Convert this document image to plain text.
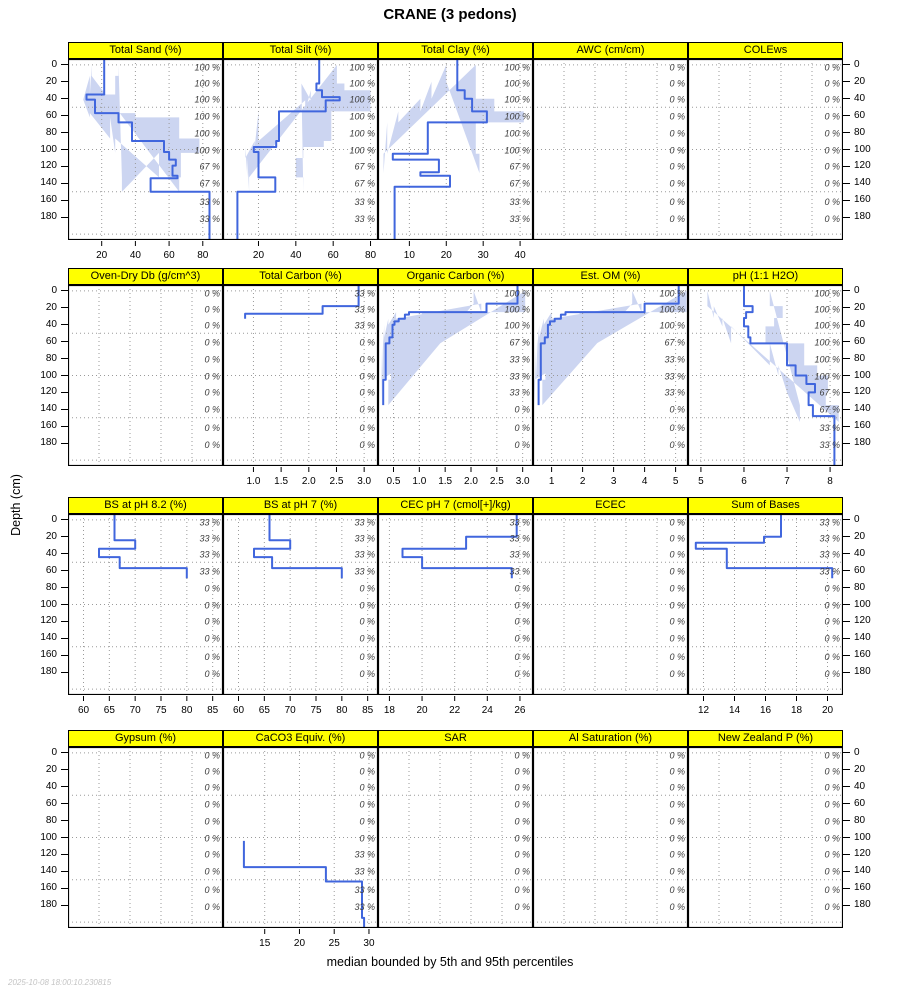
CRANE (3 pedons)
Depth (cm)
Total Sand (%)
100 %
100 %
100 %
100 %
100 %
100 %
67 %
67 %
33 %
33 %
20 40 60 80
Total Silt (%)
100 %
100 %
100 %
100 %
100 %
100 %
67 %
67 %
33 %
33 %
20	40	60	80
Total Clay (%)
100 %
100 %
100 %
100 %
100 %
100 %
67 %
67 %
33 %
33 %
10	20	30	40
AWC (cm/cm)
0 %
0 %
0 %
0 %
0 %
0 %
0 %
0 %
0 %
0 %
COLEws
0 %
0 %
0 %
0 %
0 %
0 %
0 %
0 %
0 %
0 %
Oven-Dry Db (g/cm^3)
0 %
0 %
0 %
0 %
0 %
0 %
0 %
0 %
0 %
0 %
Total Carbon (%)
33 %
33 %
33 %
0 %
0 %
0 %
0 %
0 %
0 %
0 %
1.0 1.5 2.0 2.5 3.0
Organic Carbon (%)
100 %
100 %
100 %
67 %
33 %
33 %
33 %
0 %
0 %
0 %
0.5 1.0 1.5 2.0 2.5 3.0
Est. OM (%)
100 %
100 %
100 %
67 %
33 %
33 %
33 %
0 %
0 %
0 %
1	2	3	4	5
pH (1:1 H2O)
100 %
100 %
100 %
100 %
100 %
100 %
67 %
67 %
33 %
33 %
5	6	7	8
BS at pH 8.2 (%)
33 %
33 %
33 %
33 %
0 %
0 %
0 %
0 %
0 %
0 %
60 65 70 75 80 85
BS at pH 7 (%)
33 %
33 %
33 %
33 %
0 %
0 %
0 %
0 %
0 %
0 %
60 65 70 75 80 85
CEC pH 7 (cmol[+]/kg)
33 %
33 %
33 %
33 %
0 %
0 %
0 %
0 %
0 %
0 %
18 20 22 24 26
ECEC
0 %
0 %
0 %
0 %
0 %
0 %
0 %
0 %
0 %
0 %
Sum of Bases
33 %
33 %
33 %
33 %
0 %
0 %
0 %
0 %
0 %
0 %
12 14 16 18 20
Gypsum (%)
0 %
0 %
0 %
0 %
0 %
0 %
0 %
0 %
0 %
0 %
CaCO3 Equiv. (%)
0 %
0 %
0 %
0 %
0 %
0 %
33 %
33 %
33 %
33 %
15 20 25 30
SAR
0 %
0 %
0 %
0 %
0 %
0 %
0 %
0 %
0 %
0 %
Al Saturation (%)
0 %
0 %
0 %
0 %
0 %
0 %
0 %
0 %
0 %
0 %
New Zealand P (%)
0 %
0 %
0 %
0 %
0 %
0 %
0 %
0 %
0 %
0 %
0	0
20	20
40	40
60	60
80	80
100	100
120	120
140	140
160	160
180	180
0	0
20	20
40	40
60	60
80	80
100	100
120	120
140	140
160	160
180	180
0	0
20	20
40	40
60	60
80	80
100	100
120	120
140	140
160	160
180	180
0	0
20	20
40	40
60	60
80	80
100	100
120	120
140	140
160	160
180	180
median bounded by 5th and 95th percentiles
2025-10-08 18:00:10.230815
